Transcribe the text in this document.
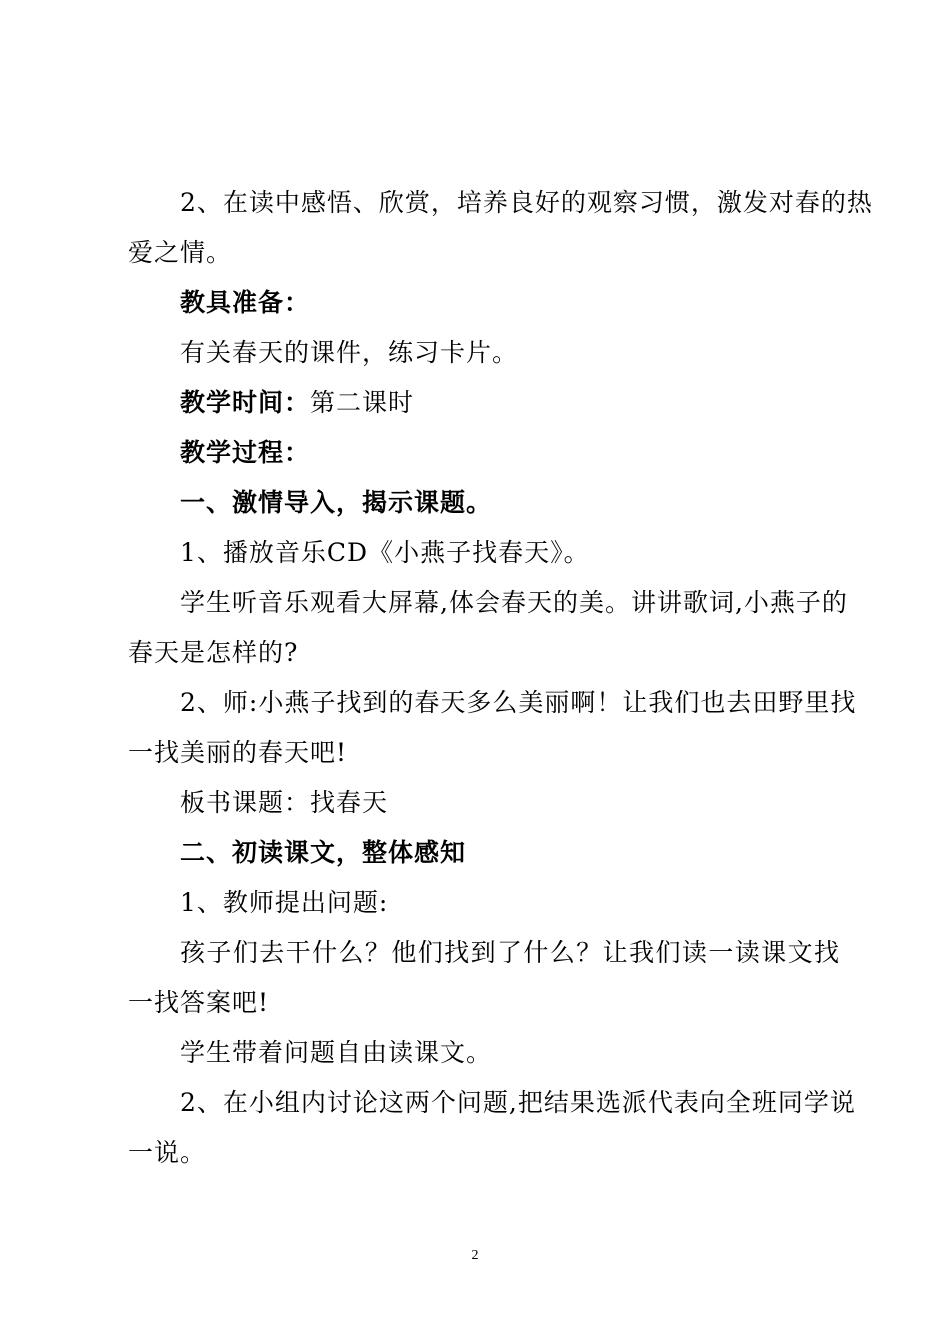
2、在读中感悟、欣赏，培养良好的观察习惯，激发对春的热
爱之情。
教具准备：
有关春天的课件，练习卡片。
教学时间：第二课时
教学过程：
一、激情导入，揭示课题。
1、播放音乐CD《小燕子找春天》。
学生听音乐观看大屏幕,体会春天的美。讲讲歌词,小燕子的
春天是怎样的?
2、师:小燕子找到的春天多么美丽啊！让我们也去田野里找
一找美丽的春天吧!
板书课题：找春天
二、初读课文，整体感知
1、教师提出问题:
孩子们去干什么？他们找到了什么？让我们读一读课文找
一找答案吧!
学生带着问题自由读课文。
2、在小组内讨论这两个问题,把结果选派代表向全班同学说
一说。
2
